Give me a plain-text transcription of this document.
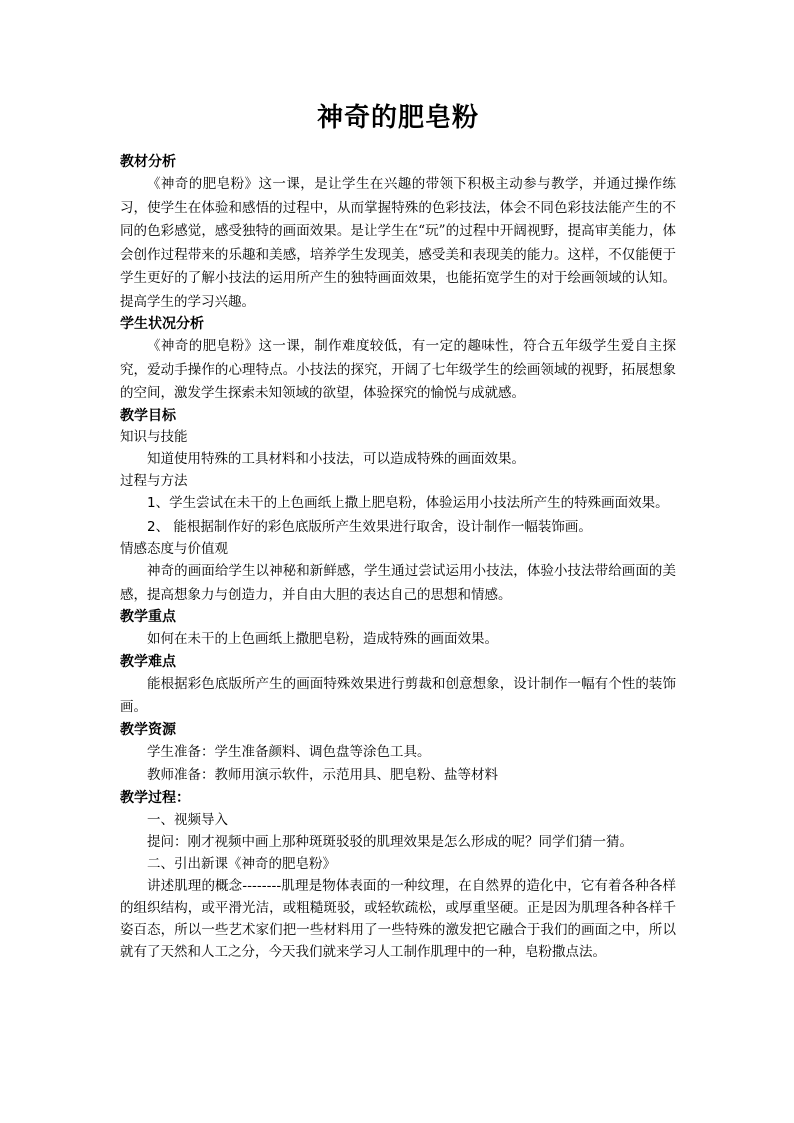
神奇的肥皂粉

教材分析

《神奇的肥皂粉》这一课，是让学生在兴趣的带领下积极主动参与教学，并通过操作练习，使学生在体验和感悟的过程中，从而掌握特殊的色彩技法，体会不同色彩技法能产生的不同的色彩感觉，感受独特的画面效果。是让学生在“玩”的过程中开阔视野，提高审美能力，体会创作过程带来的乐趣和美感，培养学生发现美，感受美和表现美的能力。这样，不仅能便于学生更好的了解小技法的运用所产生的独特画面效果，也能拓宽学生的对于绘画领域的认知。提高学生的学习兴趣。

学生状况分析

《神奇的肥皂粉》这一课，制作难度较低，有一定的趣味性，符合五年级学生爱自主探究，爱动手操作的心理特点。小技法的探究，开阔了七年级学生的绘画领域的视野，拓展想象的空间，激发学生探索未知领域的欲望，体验探究的愉悦与成就感。

教学目标

知识与技能

知道使用特殊的工具材料和小技法，可以造成特殊的画面效果。

过程与方法

1、学生尝试在未干的上色画纸上撒上肥皂粉，体验运用小技法所产生的特殊画面效果。

2、 能根据制作好的彩色底版所产生效果进行取舍，设计制作一幅装饰画。

情感态度与价值观

神奇的画面给学生以神秘和新鲜感，学生通过尝试运用小技法，体验小技法带给画面的美感，提高想象力与创造力，并自由大胆的表达自己的思想和情感。

教学重点

如何在未干的上色画纸上撒肥皂粉，造成特殊的画面效果。

教学难点

能根据彩色底版所产生的画面特殊效果进行剪裁和创意想象，设计制作一幅有个性的装饰画。

教学资源

学生准备：学生准备颜料、调色盘等涂色工具。

教师准备：教师用演示软件，示范用具、肥皂粉、盐等材料

教学过程：

一、视频导入

提问：刚才视频中画上那种斑斑驳驳的肌理效果是怎么形成的呢？同学们猜一猜。

二、引出新课《神奇的肥皂粉》

讲述肌理的概念--------肌理是物体表面的一种纹理，在自然界的造化中，它有着各种各样的组织结构，或平滑光洁，或粗糙斑驳，或轻软疏松，或厚重坚硬。正是因为肌理各种各样千姿百态，所以一些艺术家们把一些材料用了一些特殊的激发把它融合于我们的画面之中，所以就有了天然和人工之分，今天我们就来学习人工制作肌理中的一种，皂粉撒点法。
